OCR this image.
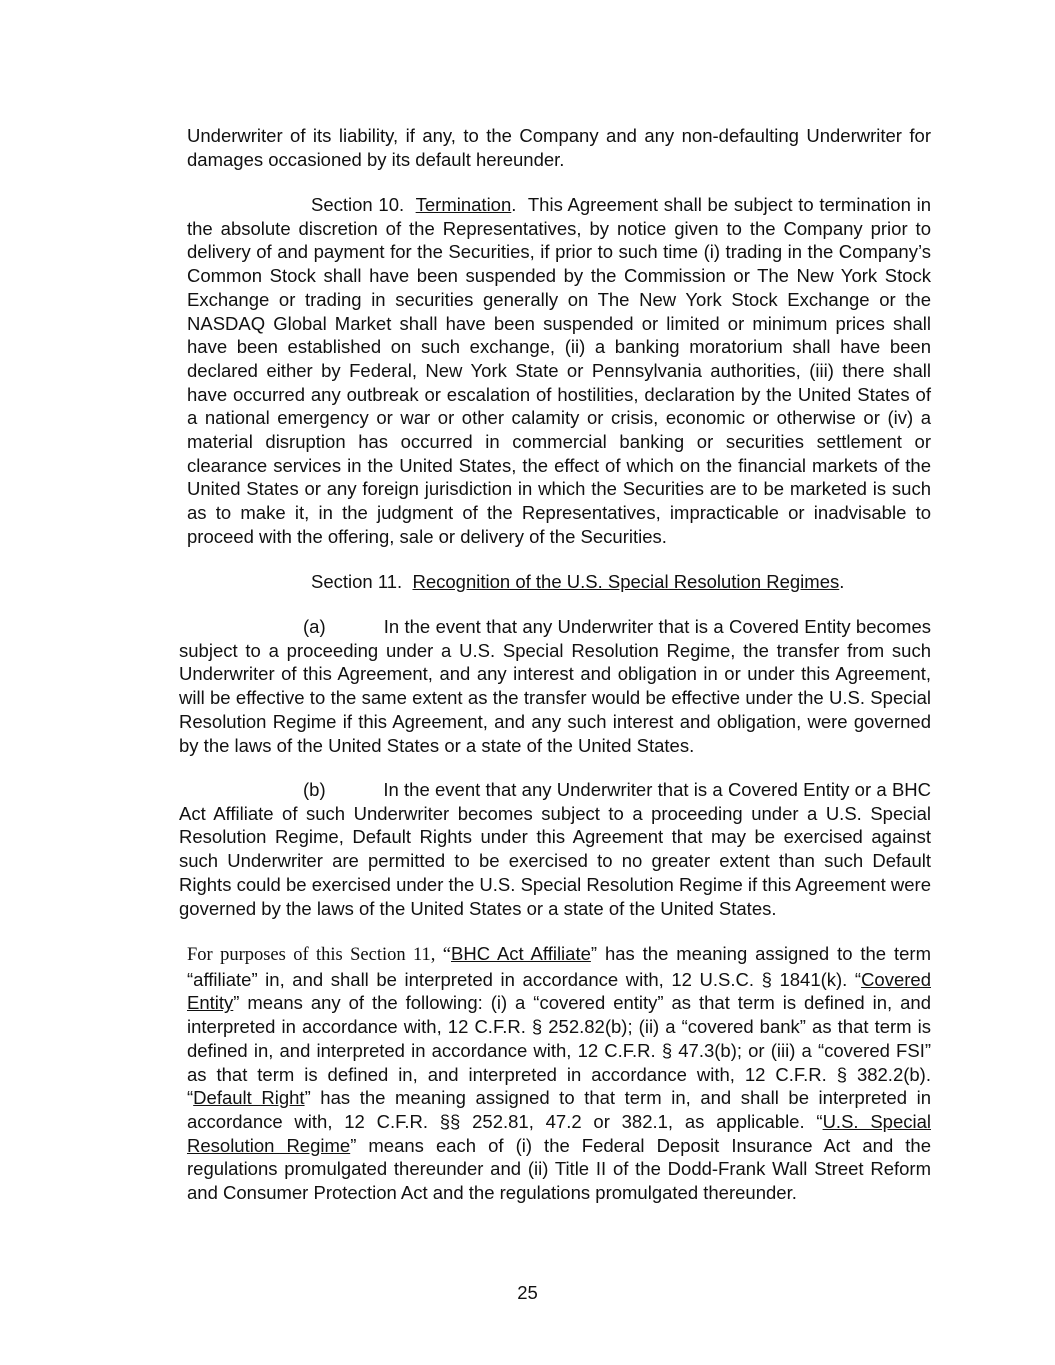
Underwriter of its liability, if any, to the Company and any non-defaulting Underwriter for damages occasioned by its default hereunder.

Section 10. Termination. This Agreement shall be subject to termination in the absolute discretion of the Representatives, by notice given to the Company prior to delivery of and payment for the Securities, if prior to such time (i) trading in the Company’s Common Stock shall have been suspended by the Commission or The New York Stock Exchange or trading in securities generally on The New York Stock Exchange or the NASDAQ Global Market shall have been suspended or limited or minimum prices shall have been established on such exchange, (ii) a banking moratorium shall have been declared either by Federal, New York State or Pennsylvania authorities, (iii) there shall have occurred any outbreak or escalation of hostilities, declaration by the United States of a national emergency or war or other calamity or crisis, economic or otherwise or (iv) a material disruption has occurred in commercial banking or securities settlement or clearance services in the United States, the effect of which on the financial markets of the United States or any foreign jurisdiction in which the Securities are to be marketed is such as to make it, in the judgment of the Representatives, impracticable or inadvisable to proceed with the offering, sale or delivery of the Securities.

Section 11. Recognition of the U.S. Special Resolution Regimes.

(a)	In the event that any Underwriter that is a Covered Entity becomes subject to a proceeding under a U.S. Special Resolution Regime, the transfer from such Underwriter of this Agreement, and any interest and obligation in or under this Agreement, will be effective to the same extent as the transfer would be effective under the U.S. Special Resolution Regime if this Agreement, and any such interest and obligation, were governed by the laws of the United States or a state of the United States.

(b)	In the event that any Underwriter that is a Covered Entity or a BHC Act Affiliate of such Underwriter becomes subject to a proceeding under a U.S. Special Resolution Regime, Default Rights under this Agreement that may be exercised against such Underwriter are permitted to be exercised to no greater extent than such Default Rights could be exercised under the U.S. Special Resolution Regime if this Agreement were governed by the laws of the United States or a state of the United States.

For purposes of this Section 11, “BHC Act Affiliate” has the meaning assigned to the term “affiliate” in, and shall be interpreted in accordance with, 12 U.S.C. § 1841(k). “Covered Entity” means any of the following: (i) a “covered entity” as that term is defined in, and interpreted in accordance with, 12 C.F.R. § 252.82(b); (ii) a “covered bank” as that term is defined in, and interpreted in accordance with, 12 C.F.R. § 47.3(b); or (iii) a “covered FSI” as that term is defined in, and interpreted in accordance with, 12 C.F.R. § 382.2(b). “Default Right” has the meaning assigned to that term in, and shall be interpreted in accordance with, 12 C.F.R. §§ 252.81, 47.2 or 382.1, as applicable. “U.S. Special Resolution Regime” means each of (i) the Federal Deposit Insurance Act and the regulations promulgated thereunder and (ii) Title II of the Dodd-Frank Wall Street Reform and Consumer Protection Act and the regulations promulgated thereunder.

25
